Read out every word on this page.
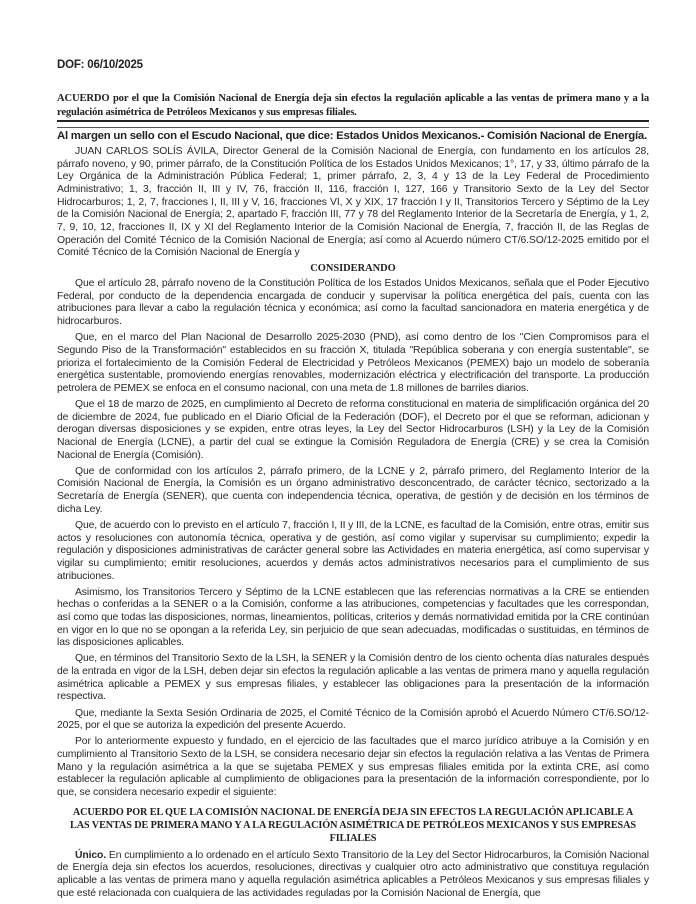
DOF: 06/10/2025
ACUERDO por el que la Comisión Nacional de Energía deja sin efectos la regulación aplicable a las ventas de primera mano y a la regulación asimétrica de Petróleos Mexicanos y sus empresas filiales.
Al margen un sello con el Escudo Nacional, que dice: Estados Unidos Mexicanos.- Comisión Nacional de Energía.

JUAN CARLOS SOLÍS ÁVILA, Director General de la Comisión Nacional de Energía, con fundamento en los artículos 28, párrafo noveno, y 90, primer párrafo, de la Constitución Política de los Estados Unidos Mexicanos; 1°, 17, y 33, último párrafo de la Ley Orgánica de la Administración Pública Federal; 1, primer párrafo, 2, 3, 4 y 13 de la Ley Federal de Procedimiento Administrativo; 1, 3, fracción II, III y IV, 76, fracción II, 116, fracción I, 127, 166 y Transitorio Sexto de la Ley del Sector Hidrocarburos; 1, 2, 7, fracciones I, II, III y V, 16, fracciones VI, X y XIX, 17 fracción I y II, Transitorios Tercero y Séptimo de la Ley de la Comisión Nacional de Energía; 2, apartado F, fracción III, 77 y 78 del Reglamento Interior de la Secretaría de Energía, y 1, 2, 7, 9, 10, 12, fracciones II, IX y XI del Reglamento Interior de la Comisión Nacional de Energía, 7, fracción II, de las Reglas de Operación del Comité Técnico de la Comisión Nacional de Energía; así como al Acuerdo número CT/6.SO/12-2025 emitido por el Comité Técnico de la Comisión Nacional de Energía y

CONSIDERANDO

Que el artículo 28, párrafo noveno de la Constitución Política de los Estados Unidos Mexicanos, señala que el Poder Ejecutivo Federal, por conducto de la dependencia encargada de conducir y supervisar la política energética del país, cuenta con las atribuciones para llevar a cabo la regulación técnica y económica; así como la facultad sancionadora en materia energética y de hidrocarburos.

Que, en el marco del Plan Nacional de Desarrollo 2025-2030 (PND), así como dentro de los "Cien Compromisos para el Segundo Piso de la Transformación" establecidos en su fracción X, titulada "República soberana y con energía sustentable", se prioriza el fortalecimiento de la Comisión Federal de Electricidad y Petróleos Mexicanos (PEMEX) bajo un modelo de soberanía energética sustentable, promoviendo energías renovables, modernización eléctrica y electrificación del transporte. La producción petrolera de PEMEX se enfoca en el consumo nacional, con una meta de 1.8 millones de barriles diarios.

Que el 18 de marzo de 2025, en cumplimiento al Decreto de reforma constitucional en materia de simplificación orgánica del 20 de diciembre de 2024, fue publicado en el Diario Oficial de la Federación (DOF), el Decreto por el que se reforman, adicionan y derogan diversas disposiciones y se expiden, entre otras leyes, la Ley del Sector Hidrocarburos (LSH) y la Ley de la Comisión Nacional de Energía (LCNE), a partir del cual se extingue la Comisión Reguladora de Energía (CRE) y se crea la Comisión Nacional de Energía (Comisión).

Que de conformidad con los artículos 2, párrafo primero, de la LCNE y 2, párrafo primero, del Reglamento Interior de la Comisión Nacional de Energía, la Comisión es un órgano administrativo desconcentrado, de carácter técnico, sectorizado a la Secretaría de Energía (SENER), que cuenta con independencia técnica, operativa, de gestión y de decisión en los términos de dicha Ley.

Que, de acuerdo con lo previsto en el artículo 7, fracción I, II y III, de la LCNE, es facultad de la Comisión, entre otras, emitir sus actos y resoluciones con autonomía técnica, operativa y de gestión, así como vigilar y supervisar su cumplimiento; expedir la regulación y disposiciones administrativas de carácter general sobre las Actividades en materia energética, así como supervisar y vigilar su cumplimiento; emitir resoluciones, acuerdos y demás actos administrativos necesarios para el cumplimiento de sus atribuciones.

Asimismo, los Transitorios Tercero y Séptimo de la LCNE establecen que las referencias normativas a la CRE se entienden hechas o conferidas a la SENER o a la Comisión, conforme a las atribuciones, competencias y facultades que les correspondan, así como que todas las disposiciones, normas, lineamientos, políticas, criterios y demás normatividad emitida por la CRE continúan en vigor en lo que no se opongan a la referida Ley, sin perjuicio de que sean adecuadas, modificadas o sustituidas, en términos de las disposiciones aplicables.

Que, en términos del Transitorio Sexto de la LSH, la SENER y la Comisión dentro de los ciento ochenta días naturales después de la entrada en vigor de la LSH, deben dejar sin efectos la regulación aplicable a las ventas de primera mano y aquella regulación asimétrica aplicable a PEMEX y sus empresas filiales, y establecer las obligaciones para la presentación de la información respectiva.

Que, mediante la Sexta Sesión Ordinaria de 2025, el Comité Técnico de la Comisión aprobó el Acuerdo Número CT/6.SO/12-2025, por el que se autoriza la expedición del presente Acuerdo.

Por lo anteriormente expuesto y fundado, en el ejercicio de las facultades que el marco jurídico atribuye a la Comisión y en cumplimiento al Transitorio Sexto de la LSH, se considera necesario dejar sin efectos la regulación relativa a las Ventas de Primera Mano y la regulación asimétrica a la que se sujetaba PEMEX y sus empresas filiales emitida por la extinta CRE, así como establecer la regulación aplicable al cumplimiento de obligaciones para la presentación de la información correspondiente, por lo que, se considera necesario expedir el siguiente:

ACUERDO POR EL QUE LA COMISIÓN NACIONAL DE ENERGÍA DEJA SIN EFECTOS LA REGULACIÓN APLICABLE A LAS VENTAS DE PRIMERA MANO Y A LA REGULACIÓN ASIMÉTRICA DE PETRÓLEOS MEXICANOS Y SUS EMPRESAS FILIALES

Único. En cumplimiento a lo ordenado en el artículo Sexto Transitorio de la Ley del Sector Hidrocarburos, la Comisión Nacional de Energía deja sin efectos los acuerdos, resoluciones, directivas y cualquier otro acto administrativo que constituya regulación aplicable a las ventas de primera mano y aquella regulación asimétrica aplicables a Petróleos Mexicanos y sus empresas filiales y que esté relacionada con cualquiera de las actividades reguladas por la Comisión Nacional de Energía, que
